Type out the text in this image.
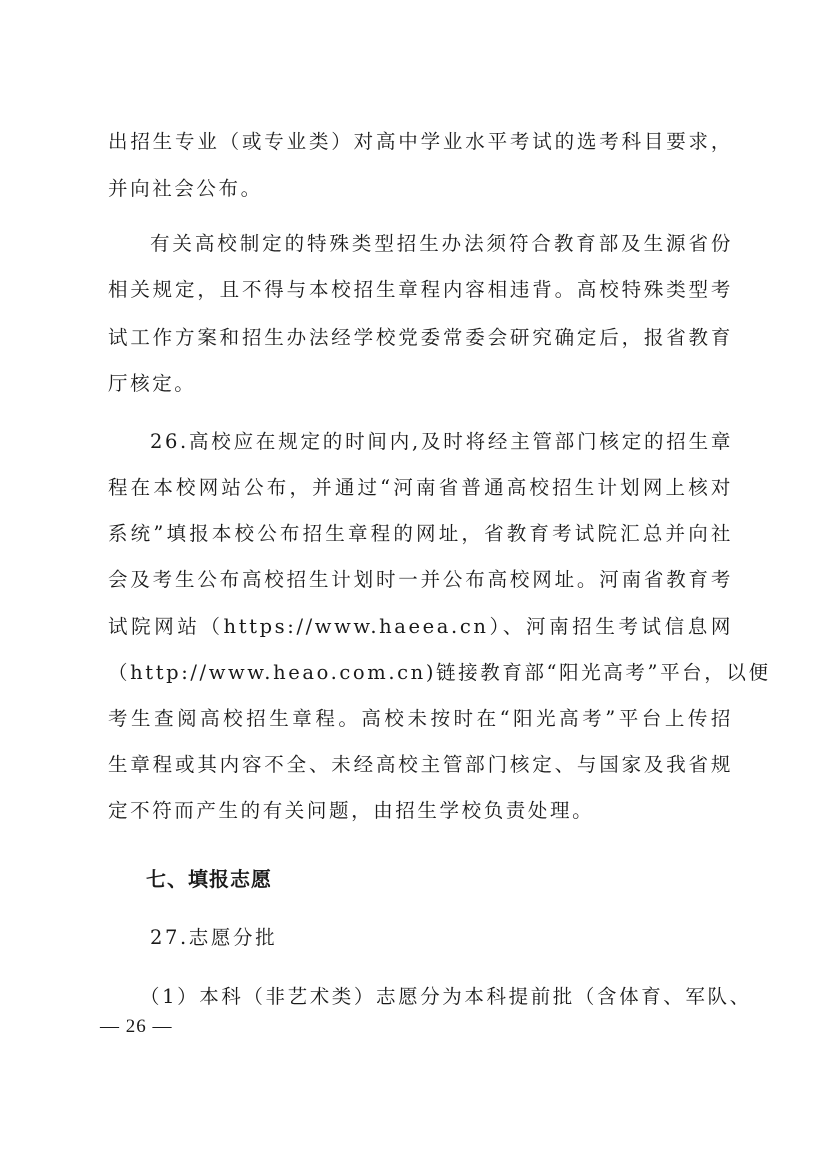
出招生专业（或专业类）对高中学业水平考试的选考科目要求，
并向社会公布。
有关高校制定的特殊类型招生办法须符合教育部及生源省份
相关规定，且不得与本校招生章程内容相违背。高校特殊类型考
试工作方案和招生办法经学校党委常委会研究确定后，报省教育
厅核定。
26.高校应在规定的时间内,及时将经主管部门核定的招生章
程在本校网站公布，并通过“河南省普通高校招生计划网上核对
系统”填报本校公布招生章程的网址，省教育考试院汇总并向社
会及考生公布高校招生计划时一并公布高校网址。河南省教育考
试院网站（https://www.haeea.cn）、河南招生考试信息网
（http://www.heao.com.cn)链接教育部“阳光高考”平台，以便
考生查阅高校招生章程。高校未按时在“阳光高考”平台上传招
生章程或其内容不全、未经高校主管部门核定、与国家及我省规
定不符而产生的有关问题，由招生学校负责处理。
七、填报志愿
27.志愿分批
（1）本科（非艺术类）志愿分为本科提前批（含体育、军队、
— 26 —
